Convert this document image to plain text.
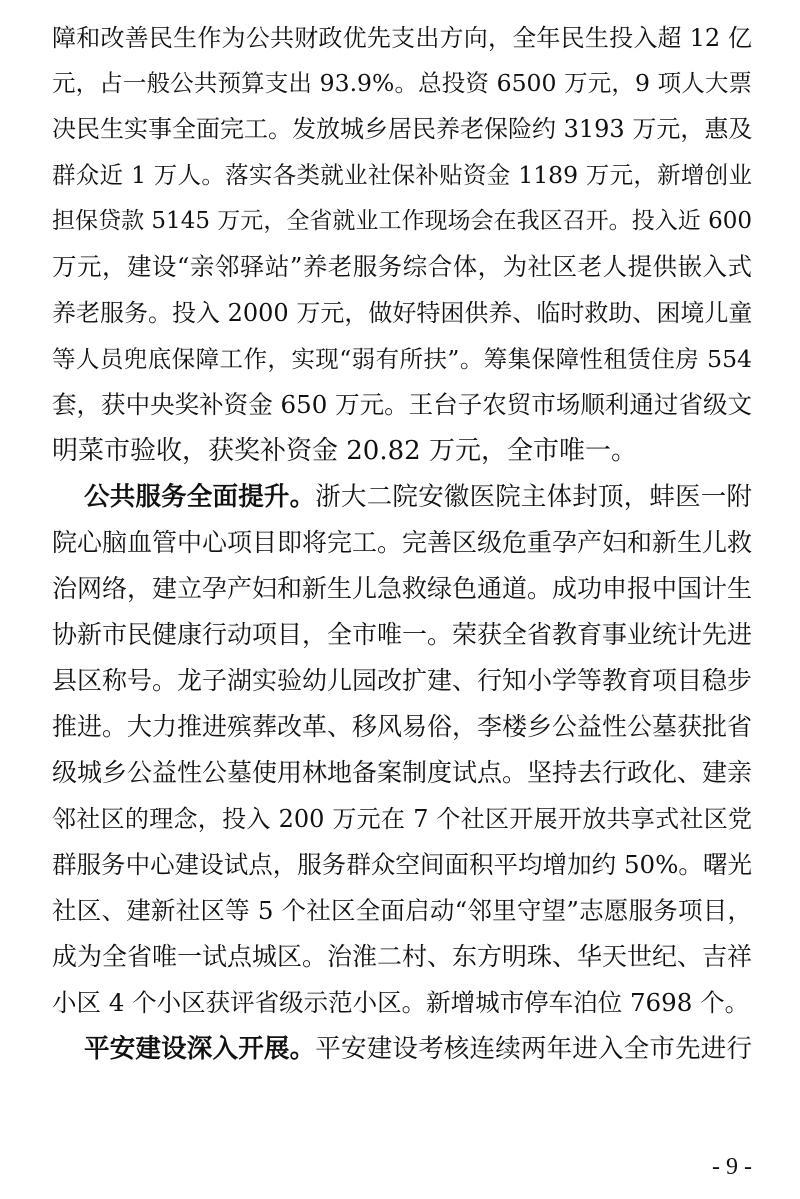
障和改善民生作为公共财政优先支出方向，全年民生投入超 12 亿
元，占一般公共预算支出 93.9%。总投资 6500 万元，9 项人大票
决民生实事全面完工。发放城乡居民养老保险约 3193 万元，惠及
群众近 1 万人。落实各类就业社保补贴资金 1189 万元，新增创业
担保贷款 5145 万元，全省就业工作现场会在我区召开。投入近 600
万元，建设“亲邻驿站”养老服务综合体，为社区老人提供嵌入式
养老服务。投入 2000 万元，做好特困供养、临时救助、困境儿童
等人员兜底保障工作，实现“弱有所扶”。筹集保障性租赁住房 554
套，获中央奖补资金 650 万元。王台子农贸市场顺利通过省级文
明菜市验收，获奖补资金 20.82 万元，全市唯一。
公共服务全面提升。浙大二院安徽医院主体封顶，蚌医一附
院心脑血管中心项目即将完工。完善区级危重孕产妇和新生儿救
治网络，建立孕产妇和新生儿急救绿色通道。成功申报中国计生
协新市民健康行动项目，全市唯一。荣获全省教育事业统计先进
县区称号。龙子湖实验幼儿园改扩建、行知小学等教育项目稳步
推进。大力推进殡葬改革、移风易俗，李楼乡公益性公墓获批省
级城乡公益性公墓使用林地备案制度试点。坚持去行政化、建亲
邻社区的理念，投入 200 万元在 7 个社区开展开放共享式社区党
群服务中心建设试点，服务群众空间面积平均增加约 50%。曙光
社区、建新社区等 5 个社区全面启动“邻里守望”志愿服务项目，
成为全省唯一试点城区。治淮二村、东方明珠、华天世纪、吉祥
小区 4 个小区获评省级示范小区。新增城市停车泊位 7698 个。
平安建设深入开展。平安建设考核连续两年进入全市先进行
- 9 -
